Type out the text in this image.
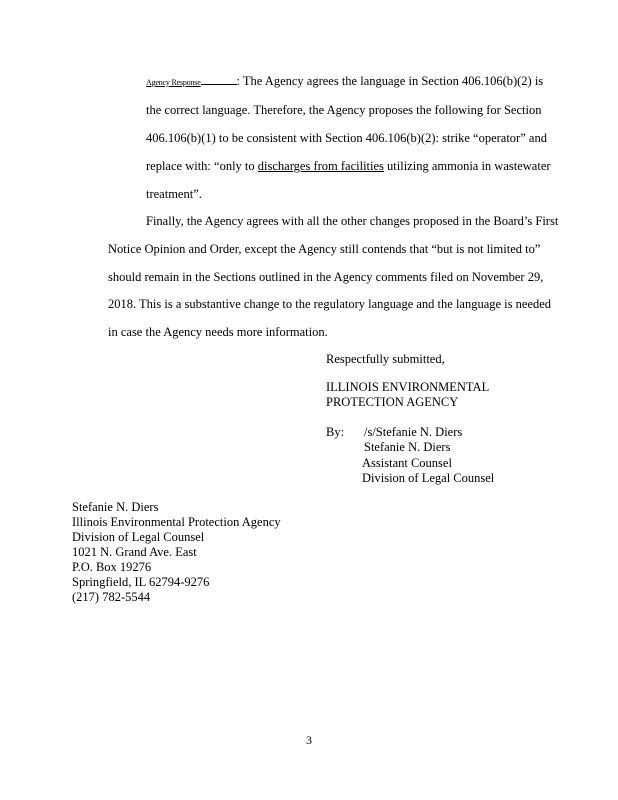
Agency Response	: The Agency agrees the language in Section 406.106(b)(2) is
the correct language. Therefore, the Agency proposes the following for Section
406.106(b)(1) to be consistent with Section 406.106(b)(2): strike “operator” and
replace with: “only to discharges from facilities utilizing ammonia in wastewater
treatment”.
Finally, the Agency agrees with all the other changes proposed in the Board’s First
Notice Opinion and Order, except the Agency still contends that “but is not limited to”
should remain in the Sections outlined in the Agency comments filed on November 29,
2018. This is a substantive change to the regulatory language and the language is needed
in case the Agency needs more information.
Respectfully submitted,
ILLINOIS ENVIRONMENTAL
PROTECTION AGENCY
By: /s/Stefanie N. Diers
Stefanie N. Diers
Assistant Counsel
Division of Legal Counsel
Stefanie N. Diers
Illinois Environmental Protection Agency
Division of Legal Counsel
1021 N. Grand Ave. East
P.O. Box 19276
Springfield, IL 62794-9276
(217) 782-5544
3
